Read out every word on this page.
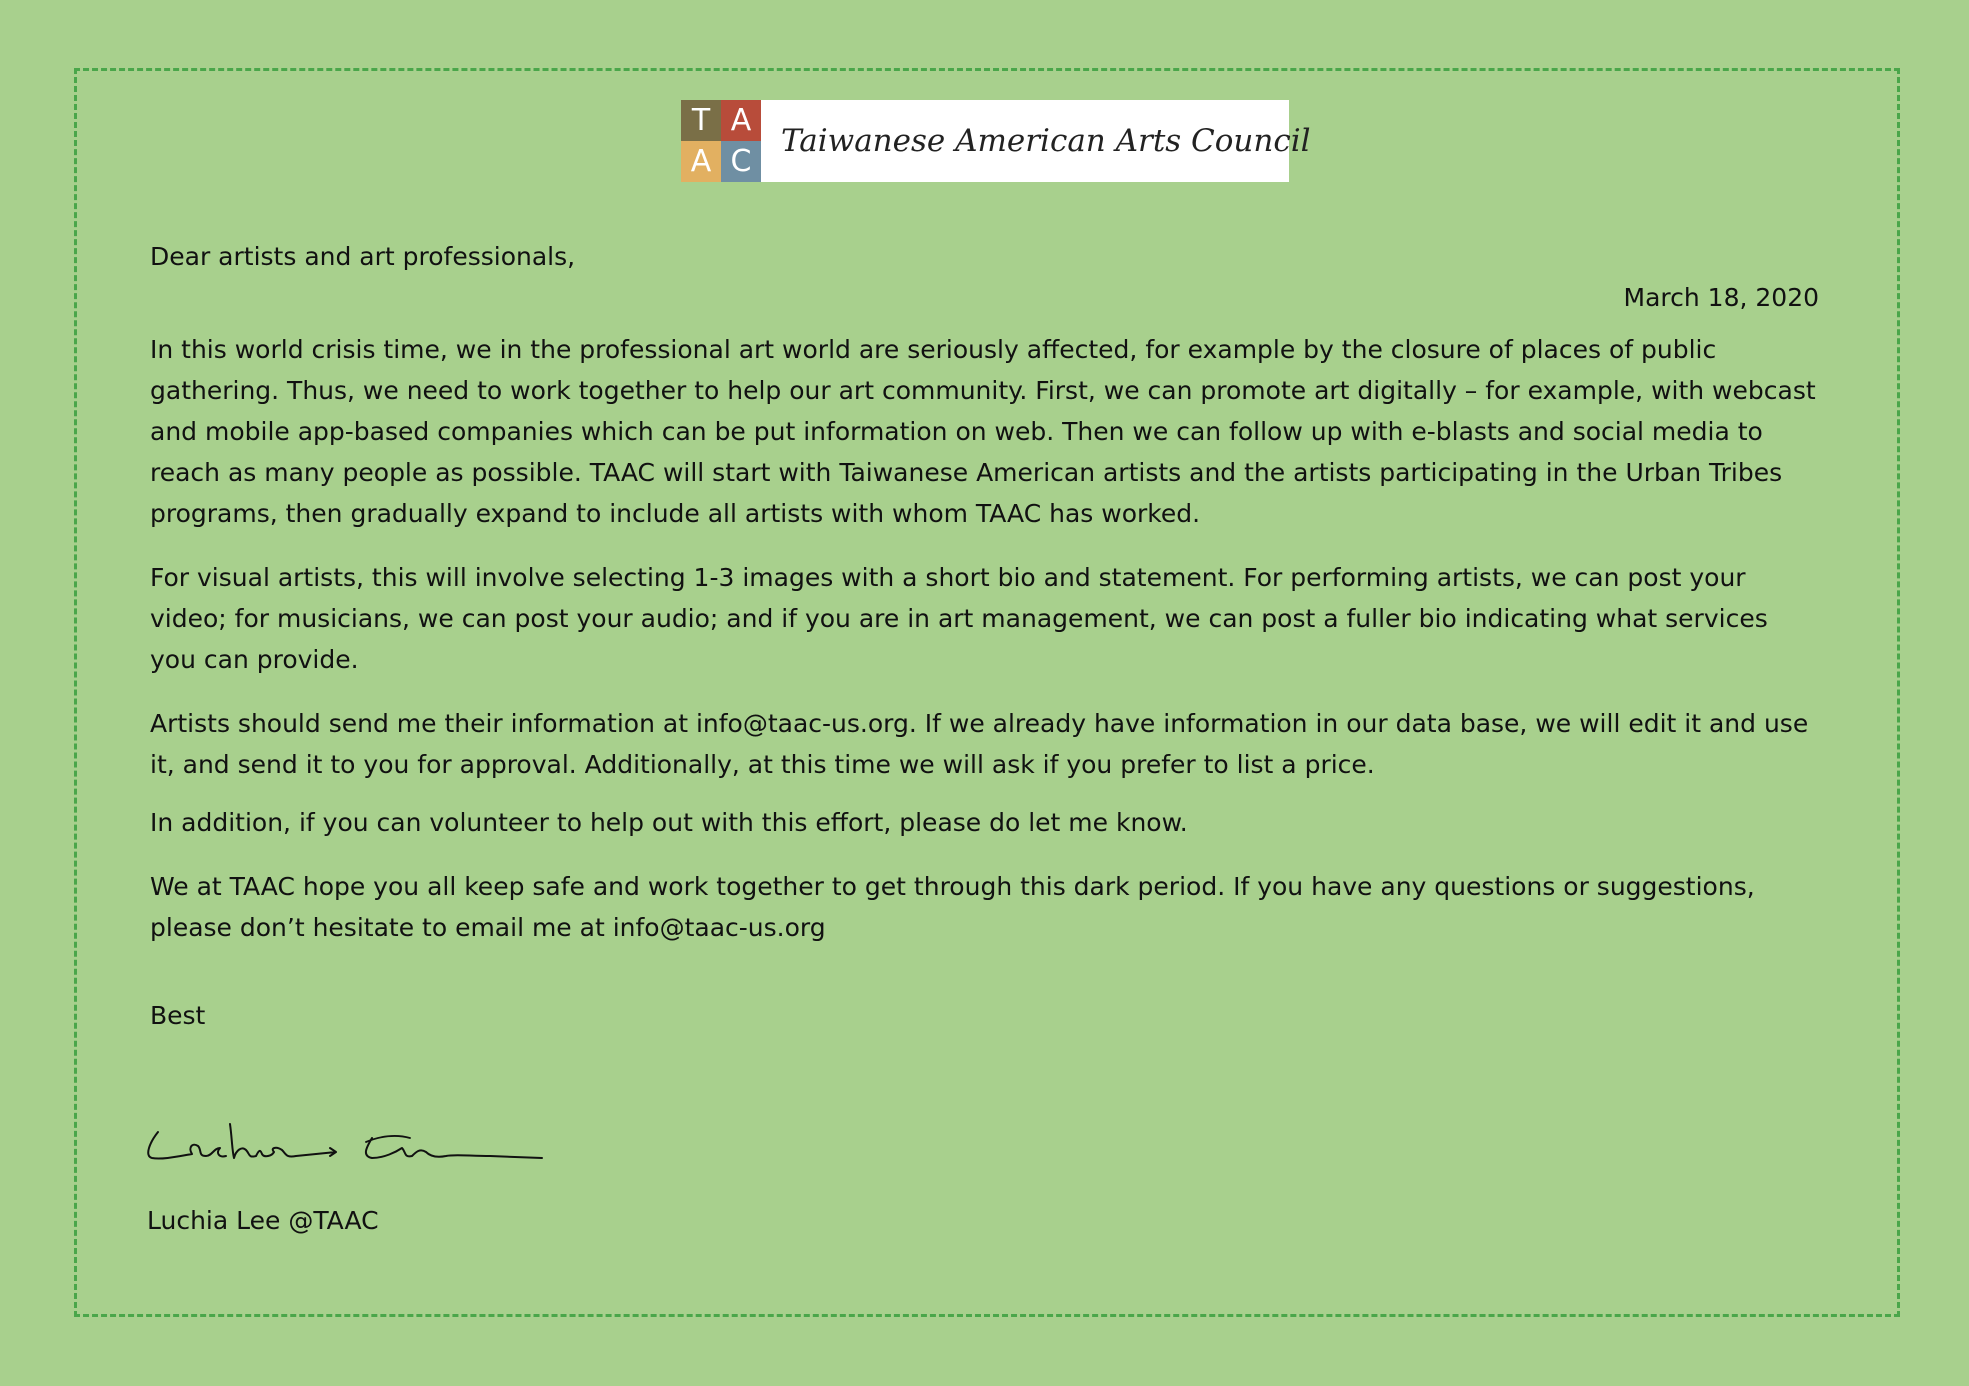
T A
A C
Taiwanese American Arts Council

Dear artists and art professionals,

March 18, 2020

In this world crisis time, we in the professional art world are seriously affected, for example by the closure of places of public gathering. Thus, we need to work together to help our art community. First, we can promote art digitally – for example, with webcast and mobile app-based companies which can be put information on web. Then we can follow up with e-blasts and social media to reach as many people as possible. TAAC will start with Taiwanese American artists and the artists participating in the Urban Tribes programs, then gradually expand to include all artists with whom TAAC has worked.

For visual artists, this will involve selecting 1-3 images with a short bio and statement. For performing artists, we can post your video; for musicians, we can post your audio; and if you are in art management, we can post a fuller bio indicating what services you can provide.

Artists should send me their information at info@taac-us.org. If we already have information in our data base, we will edit it and use it, and send it to you for approval. Additionally, at this time we will ask if you prefer to list a price.

In addition, if you can volunteer to help out with this effort, please do let me know.

We at TAAC hope you all keep safe and work together to get through this dark period. If you have any questions or suggestions, please don’t hesitate to email me at info@taac-us.org

Best

Luchia Lee @TAAC
